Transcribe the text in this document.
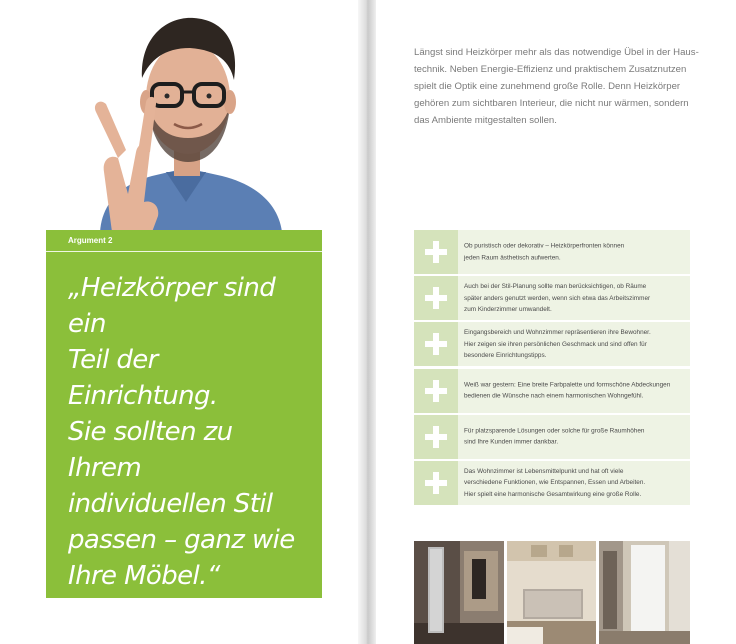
Argument 2
„Heizkörper sind ein
Teil der Einrichtung.
Sie sollten zu Ihrem
individuellen Stil
passen – ganz wie
Ihre Möbel.“
Längst sind Heizkörper mehr als das notwendige Übel in der Haus-
technik. Neben Energie-Effizienz und praktischem Zusatznutzen
spielt die Optik eine zunehmend große Rolle. Denn Heizkörper
gehören zum sichtbaren Interieur, die nicht nur wärmen, sondern
das Ambiente mitgestalten sollen.
Ob puristisch oder dekorativ – Heizkörperfronten können
jeden Raum ästhetisch aufwerten.
Auch bei der Stil-Planung sollte man berücksichtigen, ob Räume
später anders genutzt werden, wenn sich etwa das Arbeitszimmer
zum Kinderzimmer umwandelt.
Eingangsbereich und Wohnzimmer repräsentieren ihre Bewohner.
Hier zeigen sie ihren persönlichen Geschmack und sind offen für
besondere Einrichtungstipps.
Weiß war gestern: Eine breite Farbpalette und formschöne Abdeckungen
bedienen die Wünsche nach einem harmonischen Wohngefühl.
Für platzsparende Lösungen oder solche für große Raumhöhen
sind Ihre Kunden immer dankbar.
Das Wohnzimmer ist Lebensmittelpunkt und hat oft viele
verschiedene Funktionen, wie Entspannen, Essen und Arbeiten.
Hier spielt eine harmonische Gesamtwirkung eine große Rolle.
